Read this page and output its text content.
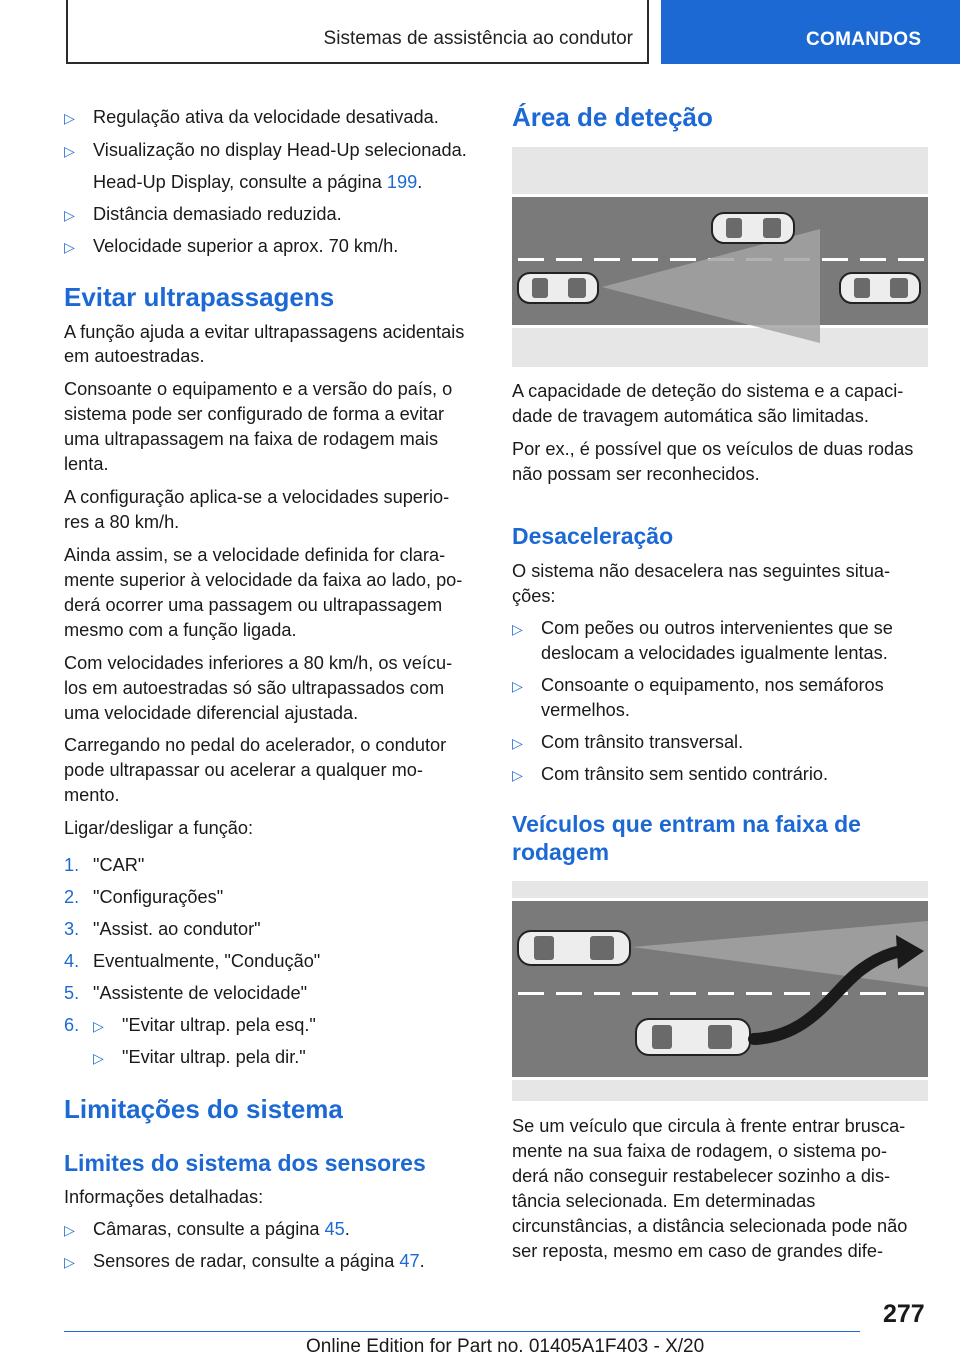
Sistemas de assistência ao condutor	COMANDOS
▷ Regulação ativa da velocidade desativada.
▷ Visualização no display Head-Up selecionada.
Head-Up Display, consulte a página 199.
▷ Distância demasiado reduzida.
▷ Velocidade superior a aprox. 70 km/h.
Evitar ultrapassagens
A função ajuda a evitar ultrapassagens acidentais
em autoestradas.
Consoante o equipamento e a versão do país, o
sistema pode ser configurado de forma a evitar
uma ultrapassagem na faixa de rodagem mais
lenta.
A configuração aplica-se a velocidades superio‐
res a 80 km/h.
Ainda assim, se a velocidade definida for clara‐
mente superior à velocidade da faixa ao lado, po‐
derá ocorrer uma passagem ou ultrapassagem
mesmo com a função ligada.
Com velocidades inferiores a 80 km/h, os veícu‐
los em autoestradas só são ultrapassados com
uma velocidade diferencial ajustada.
Carregando no pedal do acelerador, o condutor
pode ultrapassar ou acelerar a qualquer mo‐
mento.
Ligar/desligar a função:
1. "CAR"
2. "Configurações"
3. "Assist. ao condutor"
4. Eventualmente, "Condução"
5. "Assistente de velocidade"
6. ▷ "Evitar ultrap. pela esq."
▷ "Evitar ultrap. pela dir."
Limitações do sistema
Limites do sistema dos sensores
Informações detalhadas:
▷ Câmaras, consulte a página 45.
▷ Sensores de radar, consulte a página 47.
Área de deteção
A capacidade de deteção do sistema e a capaci‐
dade de travagem automática são limitadas.
Por ex., é possível que os veículos de duas rodas
não possam ser reconhecidos.
Desaceleração
O sistema não desacelera nas seguintes situa‐
ções:
▷ Com peões ou outros intervenientes que se
deslocam a velocidades igualmente lentas.
▷ Consoante o equipamento, nos semáforos
vermelhos.
▷ Com trânsito transversal.
▷ Com trânsito sem sentido contrário.
Veículos que entram na faixa de
rodagem
Se um veículo que circula à frente entrar brusca‐
mente na sua faixa de rodagem, o sistema po‐
derá não conseguir restabelecer sozinho a dis‐
tância selecionada. Em determinadas
circunstâncias, a distância selecionada pode não
ser reposta, mesmo em caso de grandes dife‐
277
Online Edition for Part no. 01405A1F403 - X/20
